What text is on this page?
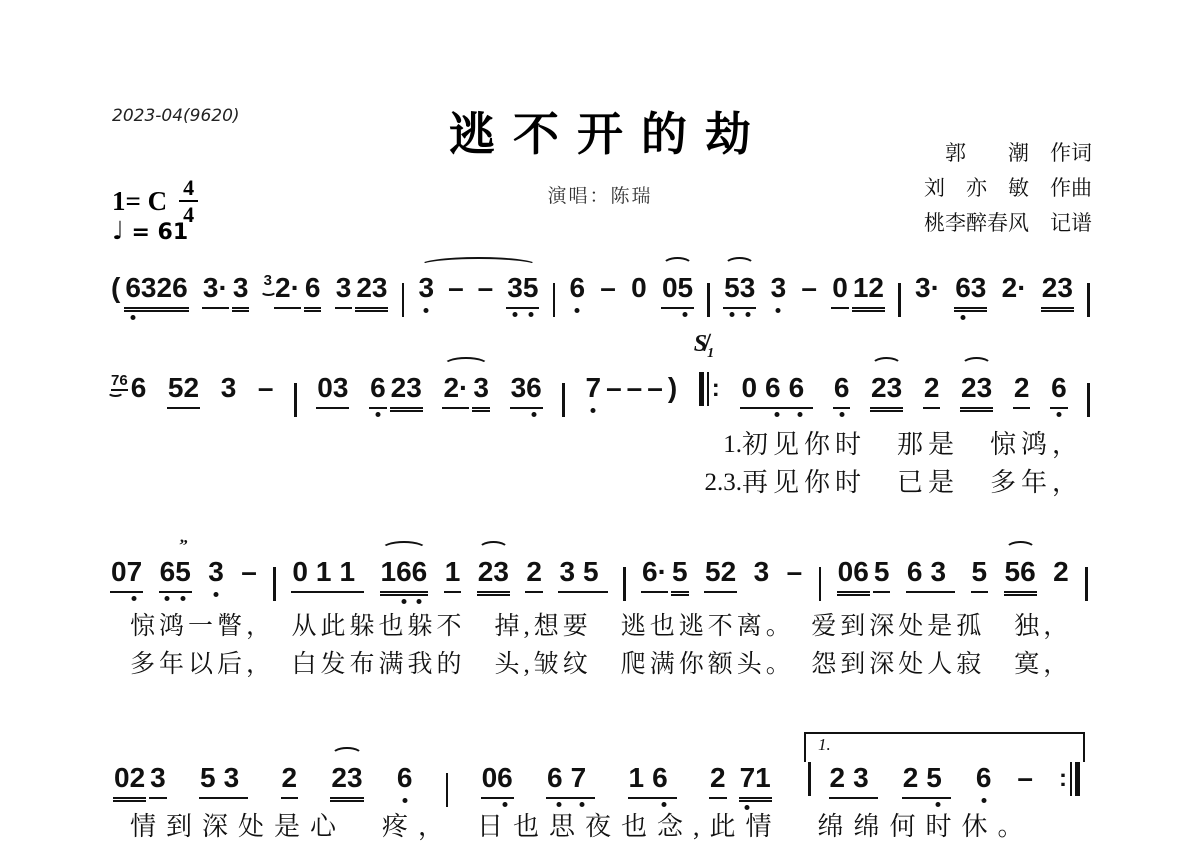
2023-04(9620)	逃不开的劫
演唱：陈瑞
郭　　潮　作词
刘　亦　敏　作曲
桃李醉春风　记谱
1= C $\frac{4}{4}$
♩ = 61
( 6326 3· 3 3 2· 6 3 23 3 – – 35 6 – 0 05 53 3 – 0 12 3· 63 2· 23
76 6 52 3 – 03 6 23 2· 3 36 7 – – – )
$S̸_1$
: 066 6 23 2 23 2 6
1. 初见你时　那是　惊鸿，
2.3. 再见你时　已是　多年，
07 6” 5 3 – 011 166 1 23 2 35 6· 5 52 3 – 06 5 63 5 56 2
惊鸿一瞥，　从此躲也躲不　掉,想要　逃也逃不离。　爱到深处是孤　独，
多年以后，　白发布满我的　头,皱纹　爬满你额头。　怨到深处人寂　寞，
02 3 53 2 23 6 06 67 16 2 71
1.
23 25 6 – :
情到深处是心　疼，　日也思夜也念,此情　绵绵何时休。
